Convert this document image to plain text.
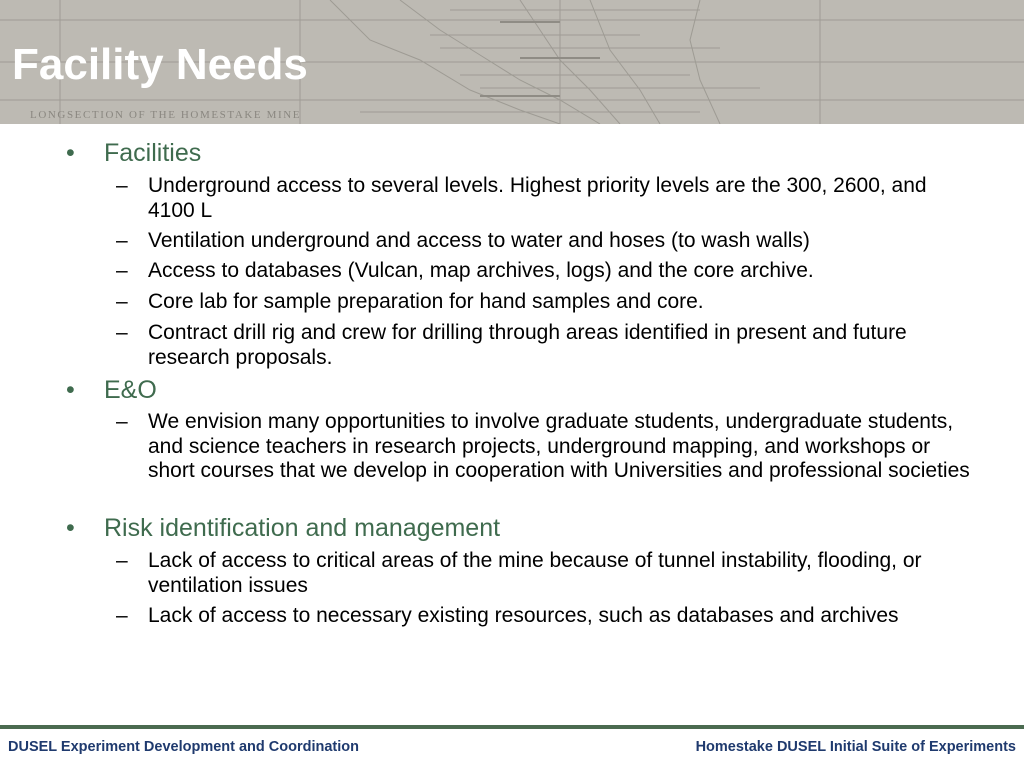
LONGSECTION OF THE HOMESTAKE MINE
Facility Needs
• Facilities
– Underground access to several levels. Highest priority levels are the 300, 2600, and 4100 L
– Ventilation underground and access to water and hoses (to wash walls)
– Access to databases (Vulcan, map archives, logs) and the core archive.
– Core lab for sample preparation for hand samples and core.
– Contract drill rig and crew for drilling through areas identified in present and future research proposals.
• E&O
– We envision many opportunities to involve graduate students, undergraduate students, and science teachers in research projects, underground mapping, and workshops or short courses that we develop in cooperation with Universities and professional societies
• Risk identification and management
– Lack of access to critical areas of the mine because of tunnel instability, flooding, or ventilation issues
– Lack of access to necessary existing resources, such as databases and archives
DUSEL Experiment Development and Coordination	Homestake DUSEL Initial Suite of Experiments
